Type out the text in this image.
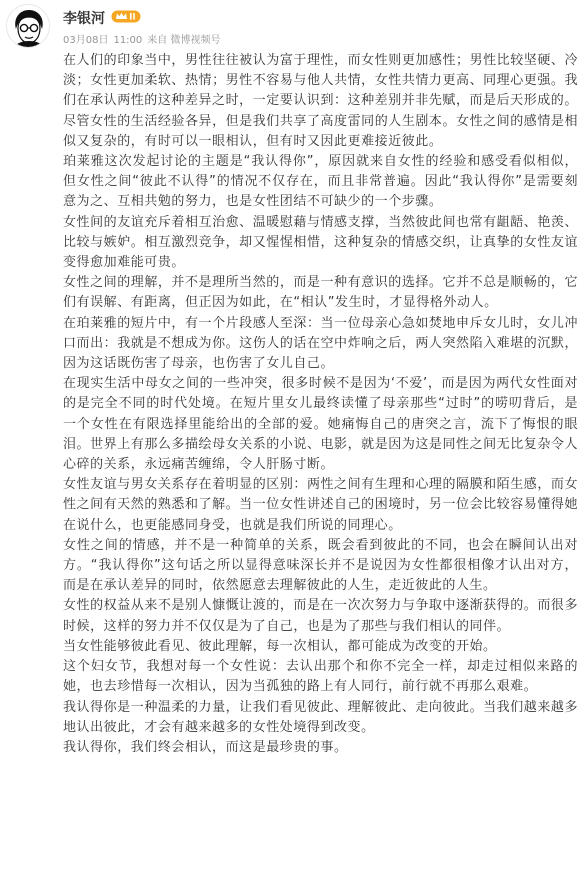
李银河
03月08日 11:00 来自 微博视频号

在人们的印象当中，男性往往被认为富于理性，而女性则更加感性；男性比较坚硬、冷淡；女性更加柔软、热情；男性不容易与他人共情，女性共情力更高、同理心更强。我们在承认两性的这种差异之时，一定要认识到：这种差别并非先赋，而是后天形成的。

尽管女性的生活经验各异，但是我们共享了高度雷同的人生剧本。女性之间的感情是相似又复杂的，有时可以一眼相认，但有时又因此更难接近彼此。

珀莱雅这次发起讨论的主题是“我认得你”，原因就来自女性的经验和感受看似相似，但女性之间“彼此不认得”的情况不仅存在，而且非常普遍。因此“我认得你”是需要刻意为之、互相共勉的努力，也是女性团结不可缺少的一个步骤。

女性间的友谊充斥着相互治愈、温暖慰藉与情感支撑，当然彼此间也常有龃龉、艳羡、比较与嫉妒。相互激烈竞争，却又惺惺相惜，这种复杂的情感交织，让真挚的女性友谊变得愈加难能可贵。

女性之间的理解，并不是理所当然的，而是一种有意识的选择。它并不总是顺畅的，它们有误解、有距离，但正因为如此，在“相认”发生时，才显得格外动人。

在珀莱雅的短片中，有一个片段感人至深：当一位母亲心急如焚地申斥女儿时，女儿冲口而出：我就是不想成为你。这伤人的话在空中炸响之后，两人突然陷入难堪的沉默，因为这话既伤害了母亲，也伤害了女儿自己。

在现实生活中母女之间的一些冲突，很多时候不是因为‘不爱’，而是因为两代女性面对的是完全不同的时代处境。在短片里女儿最终读懂了母亲那些“过时”的唠叨背后，是一个女性在有限选择里能给出的全部的爱。她痛悔自己的唐突之言，流下了悔恨的眼泪。世界上有那么多描绘母女关系的小说、电影，就是因为这是同性之间无比复杂令人心碎的关系，永远痛苦缠绵，令人肝肠寸断。

女性友谊与男女关系存在着明显的区别：两性之间有生理和心理的隔膜和陌生感，而女性之间有天然的熟悉和了解。当一位女性讲述自己的困境时，另一位会比较容易懂得她在说什么，也更能感同身受，也就是我们所说的同理心。

女性之间的情感，并不是一种简单的关系，既会看到彼此的不同，也会在瞬间认出对方。“我认得你”这句话之所以显得意味深长并不是说因为女性都很相像才认出对方，而是在承认差异的同时，依然愿意去理解彼此的人生，走近彼此的人生。

女性的权益从来不是别人慷慨让渡的，而是在一次次努力与争取中逐渐获得的。而很多时候，这样的努力并不仅仅是为了自己，也是为了那些与我们相认的同伴。

当女性能够彼此看见、彼此理解，每一次相认，都可能成为改变的开始。

这个妇女节，我想对每一个女性说：去认出那个和你不完全一样，却走过相似来路的她，也去珍惜每一次相认，因为当孤独的路上有人同行，前行就不再那么艰难。

我认得你是一种温柔的力量，让我们看见彼此、理解彼此、走向彼此。当我们越来越多地认出彼此，才会有越来越多的女性处境得到改变。

我认得你，我们终会相认，而这是最珍贵的事。
